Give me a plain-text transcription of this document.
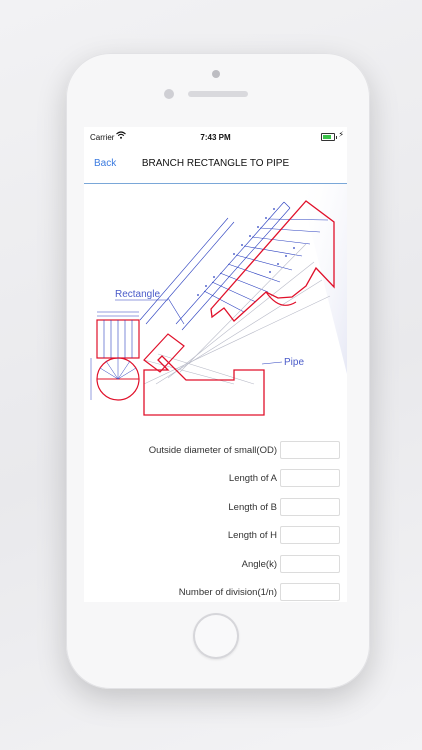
Carrier	7:43 PM	⚡
Back	BRANCH RECTANGLE TO PIPE
Rectangle
Pipe
Outside diameter of small(OD)
Length of A
Length of B
Length of H
Angle(k)
Number of division(1/n)
